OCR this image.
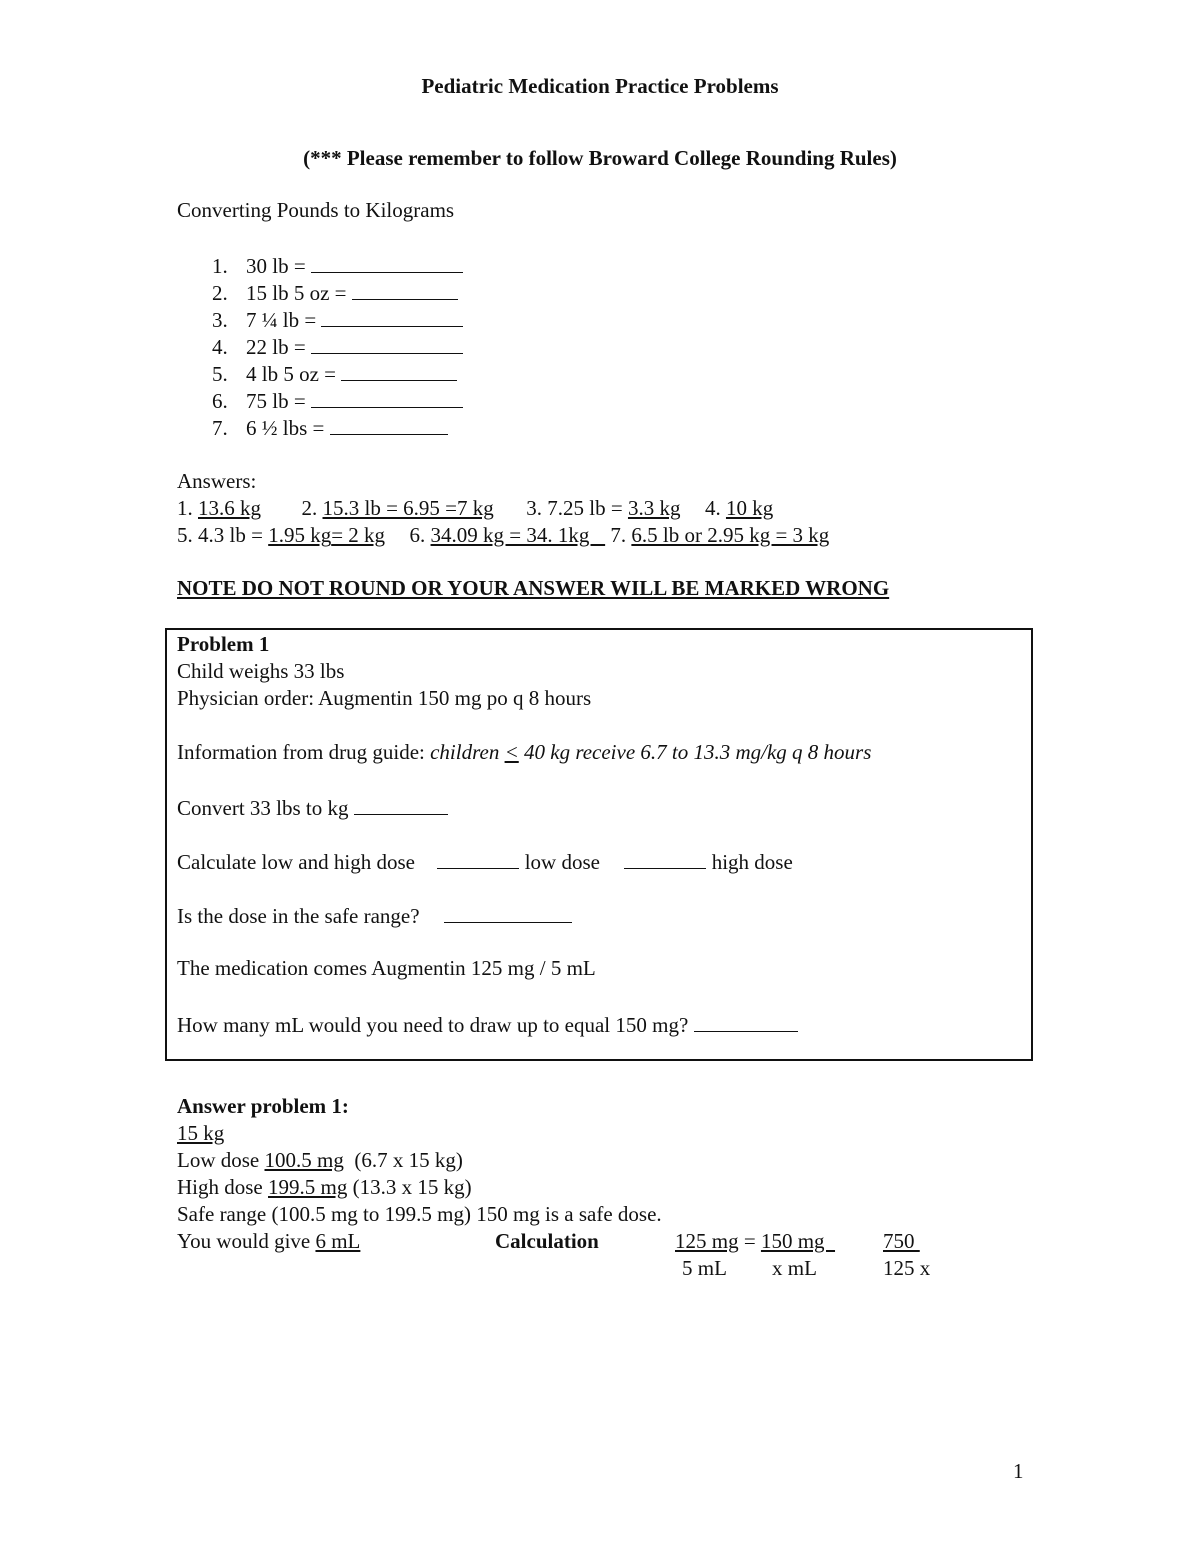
Pediatric Medication Practice Problems
(*** Please remember to follow Broward College Rounding Rules)
Converting Pounds to Kilograms
1. 30 lb =
2. 15 lb 5 oz =
3. 7 ¼ lb =
4. 22 lb =
5. 4 lb 5 oz =
6. 75 lb =
7. 6 ½ lbs =
Answers:
1. 13.6 kg 2. 15.3 lb = 6.95 =7 kg 3. 7.25 lb = 3.3 kg 4. 10 kg
5. 4.3 lb = 1.95 kg= 2 kg 6. 34.09 kg = 34. 1kg    7. 6.5 lb or 2.95 kg = 3 kg
NOTE DO NOT ROUND OR YOUR ANSWER WILL BE MARKED WRONG
Problem 1
Child weighs 33 lbs
Physician order: Augmentin 150 mg po q 8 hours
Information from drug guide: children < 40 kg receive 6.7 to 13.3 mg/kg q 8 hours
Convert 33 lbs to kg
Calculate low and high dose	low dose	high dose
Is the dose in the safe range?
The medication comes Augmentin 125 mg / 5 mL
How many mL would you need to draw up to equal 150 mg?
Answer problem 1:
15 kg
Low dose 100.5 mg  (6.7 x 15 kg)
High dose 199.5 mg (13.3 x 15 kg)
Safe range (100.5 mg to 199.5 mg) 150 mg is a safe dose.
You would give 6 mL	Calculation	125 mg = 150 mg 750
5 mL x mL	125 x
1
